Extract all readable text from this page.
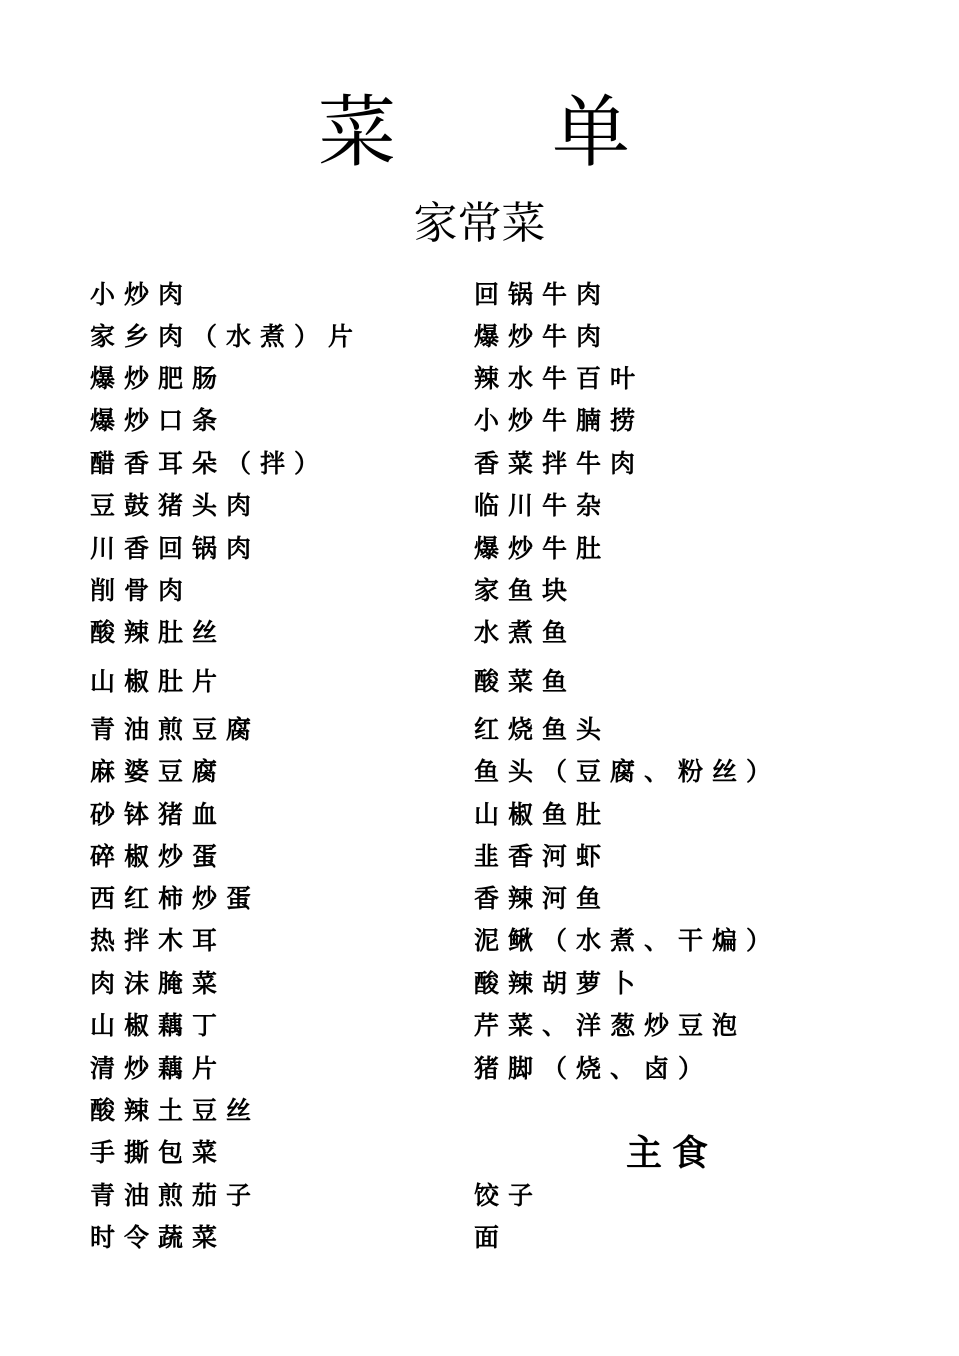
菜 单
家常菜
小炒肉
家乡肉（水煮）片
爆炒肥肠
爆炒口条
醋香耳朵（拌）
豆鼓猪头肉
川香回锅肉
削骨肉
酸辣肚丝
山椒肚片
青油煎豆腐
麻婆豆腐
砂钵猪血
碎椒炒蛋
西红柿炒蛋
热拌木耳
肉沫腌菜
山椒藕丁
清炒藕片
酸辣土豆丝
手撕包菜
青油煎茄子
时令蔬菜
回锅牛肉
爆炒牛肉
辣水牛百叶
小炒牛腩捞
香菜拌牛肉
临川牛杂
爆炒牛肚
家鱼块
水煮鱼
酸菜鱼
红烧鱼头
鱼头（豆腐、粉丝）
山椒鱼肚
韭香河虾
香辣河鱼
泥鳅（水煮、干煸）
酸辣胡萝卜
芹菜、洋葱炒豆泡
猪脚（烧、卤）
饺子
面
主食
